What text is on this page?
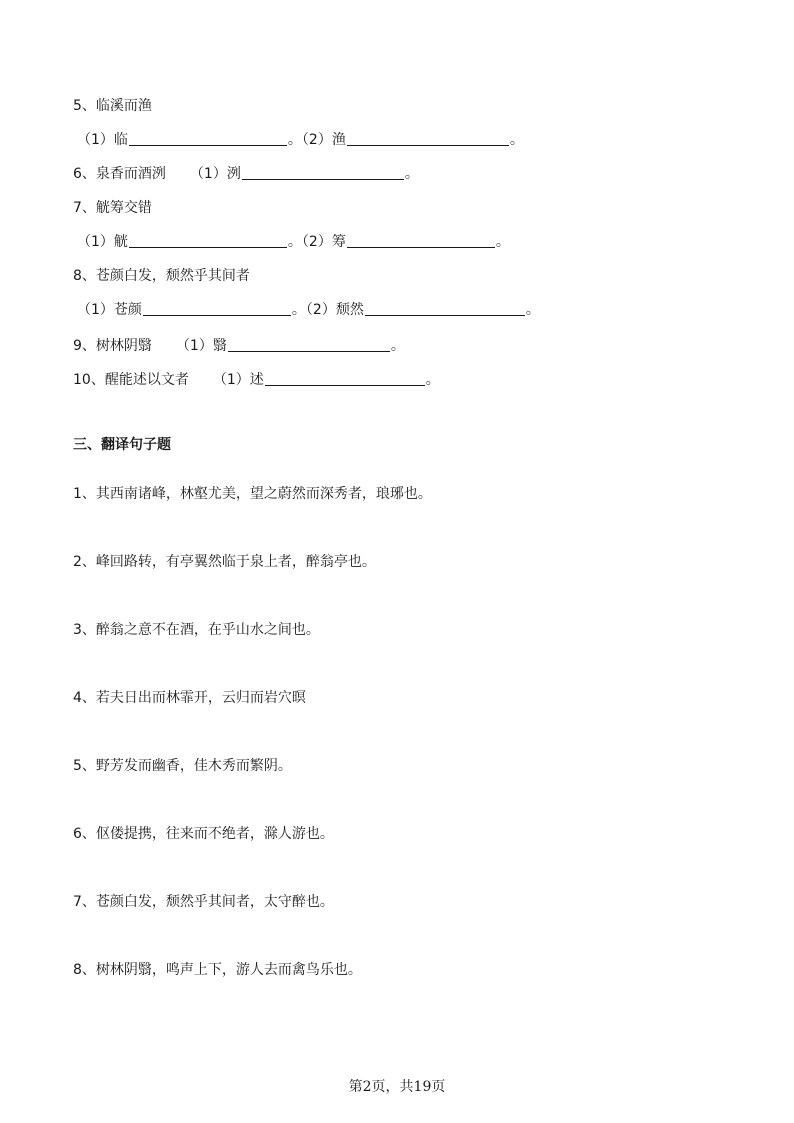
5、临溪而渔
（1）临	。（2）渔	。
6、泉香而酒洌 （1）洌	。
7、觥筹交错
（1）觥	。（2）筹	。
8、苍颜白发，颓然乎其间者
（1）苍颜	。（2）颓然	。
9、树林阴翳 （1）翳	。
10、醒能述以文者 （1）述	。
三、翻译句子题
1、其西南诸峰，林壑尤美，望之蔚然而深秀者，琅琊也。
2、峰回路转，有亭翼然临于泉上者，醉翁亭也。
3、醉翁之意不在酒，在乎山水之间也。
4、若夫日出而林霏开，云归而岩穴暝
5、野芳发而幽香，佳木秀而繁阴。
6、伛偻提携，往来而不绝者，滁人游也。
7、苍颜白发，颓然乎其间者，太守醉也。
8、树林阴翳，鸣声上下，游人去而禽鸟乐也。
第2页，共19页
